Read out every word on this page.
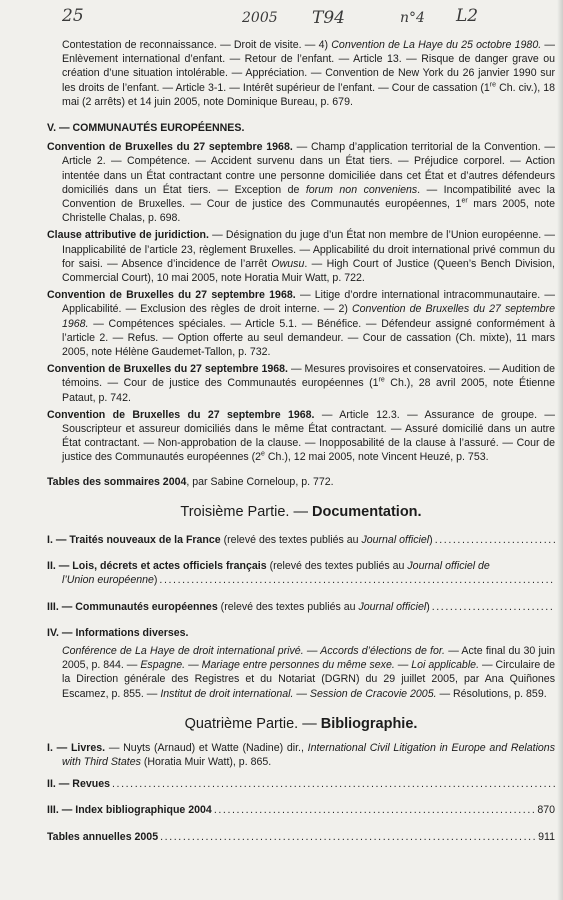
25	2005 T94	n°4 L2

Contestation de reconnaissance. — Droit de visite. — 4) Convention de La Haye du 25 octobre 1980. — Enlèvement international d’enfant. — Retour de l’enfant. — Article 13. — Risque de danger grave ou création d’une situation intolérable. — Appréciation. — Convention de New York du 26 janvier 1990 sur les droits de l’enfant. — Article 3-1. — Intérêt supérieur de l’enfant. — Cour de cassation (1re Ch. civ.), 18 mai (2 arrêts) et 14 juin 2005, note Dominique Bureau, p. 679.

V. — COMMUNAUTÉS EUROPÉENNES.

Convention de Bruxelles du 27 septembre 1968. — Champ d’application territorial de la Convention. — Article 2. — Compétence. — Accident survenu dans un État tiers. — Préjudice corporel. — Action intentée dans un État contractant contre une personne domiciliée dans cet État et d’autres défendeurs domiciliés dans un État tiers. — Exception de forum non conveniens. — Incompatibilité avec la Convention de Bruxelles. — Cour de justice des Communautés européennes, 1er mars 2005, note Christelle Chalas, p. 698.

Clause attributive de juridiction. — Désignation du juge d’un État non membre de l’Union européenne. — Inapplicabilité de l’article 23, règlement Bruxelles. — Applicabilité du droit international privé commun du for saisi. — Absence d’incidence de l’arrêt Owusu. — High Court of Justice (Queen’s Bench Division, Commercial Court), 10 mai 2005, note Horatia Muir Watt, p. 722.

Convention de Bruxelles du 27 septembre 1968. — Litige d’ordre international intracommunautaire. — Applicabilité. — Exclusion des règles de droit interne. — 2) Convention de Bruxelles du 27 septembre 1968. — Compétences spéciales. — Article 5.1. — Bénéfice. — Défendeur assigné conformément à l’article 2. — Refus. — Option offerte au seul demandeur. — Cour de cassation (Ch. mixte), 11 mars 2005, note Hélène Gaudemet-Tallon, p. 732.

Convention de Bruxelles du 27 septembre 1968. — Mesures provisoires et conservatoires. — Audition de témoins. — Cour de justice des Communautés européennes (1re Ch.), 28 avril 2005, note Étienne Pataut, p. 742.

Convention de Bruxelles du 27 septembre 1968. — Article 12.3. — Assurance de groupe. — Souscripteur et assureur domiciliés dans le même État contractant. — Assuré domicilié dans un autre État contractant. — Non-approbation de la clause. — Inopposabilité de la clause à l’assuré. — Cour de justice des Communautés européennes (2e Ch.), 12 mai 2005, note Vincent Heuzé, p. 753.

Tables des sommaires 2004, par Sabine Corneloup, p. 772.

Troisième Partie. — Documentation.

I. — Traités nouveaux de la France (relevé des textes publiés au Journal officiel)
.....

II. — Lois, décrets et actes officiels français (relevé des textes publiés au Journal officiel de

l’Union européenne)
.....
III. — Communautés européennes (relevé des textes publiés au Journal officiel)
.....

IV. — Informations diverses.

Conférence de La Haye de droit international privé. — Accords d’élections de for. — Acte final du 30 juin 2005, p. 844. — Espagne. — Mariage entre personnes du même sexe. — Loi applicable. — Circulaire de la Direction générale des Registres et du Notariat (DGRN) du 29 juillet 2005, par Ana Quiñones Escamez, p. 855. — Institut de droit international. — Session de Cracovie 2005. — Résolutions, p. 859.

Quatrième Partie. — Bibliographie.

I. — Livres. — Nuyts (Arnaud) et Watte (Nadine) dir., International Civil Litigation in Europe and Relations with Third States (Horatia Muir Watt), p. 865.

II. — Revues
.....
III. — Index bibliographique 2004 .....	870
Tables annuelles 2005 .....	911
